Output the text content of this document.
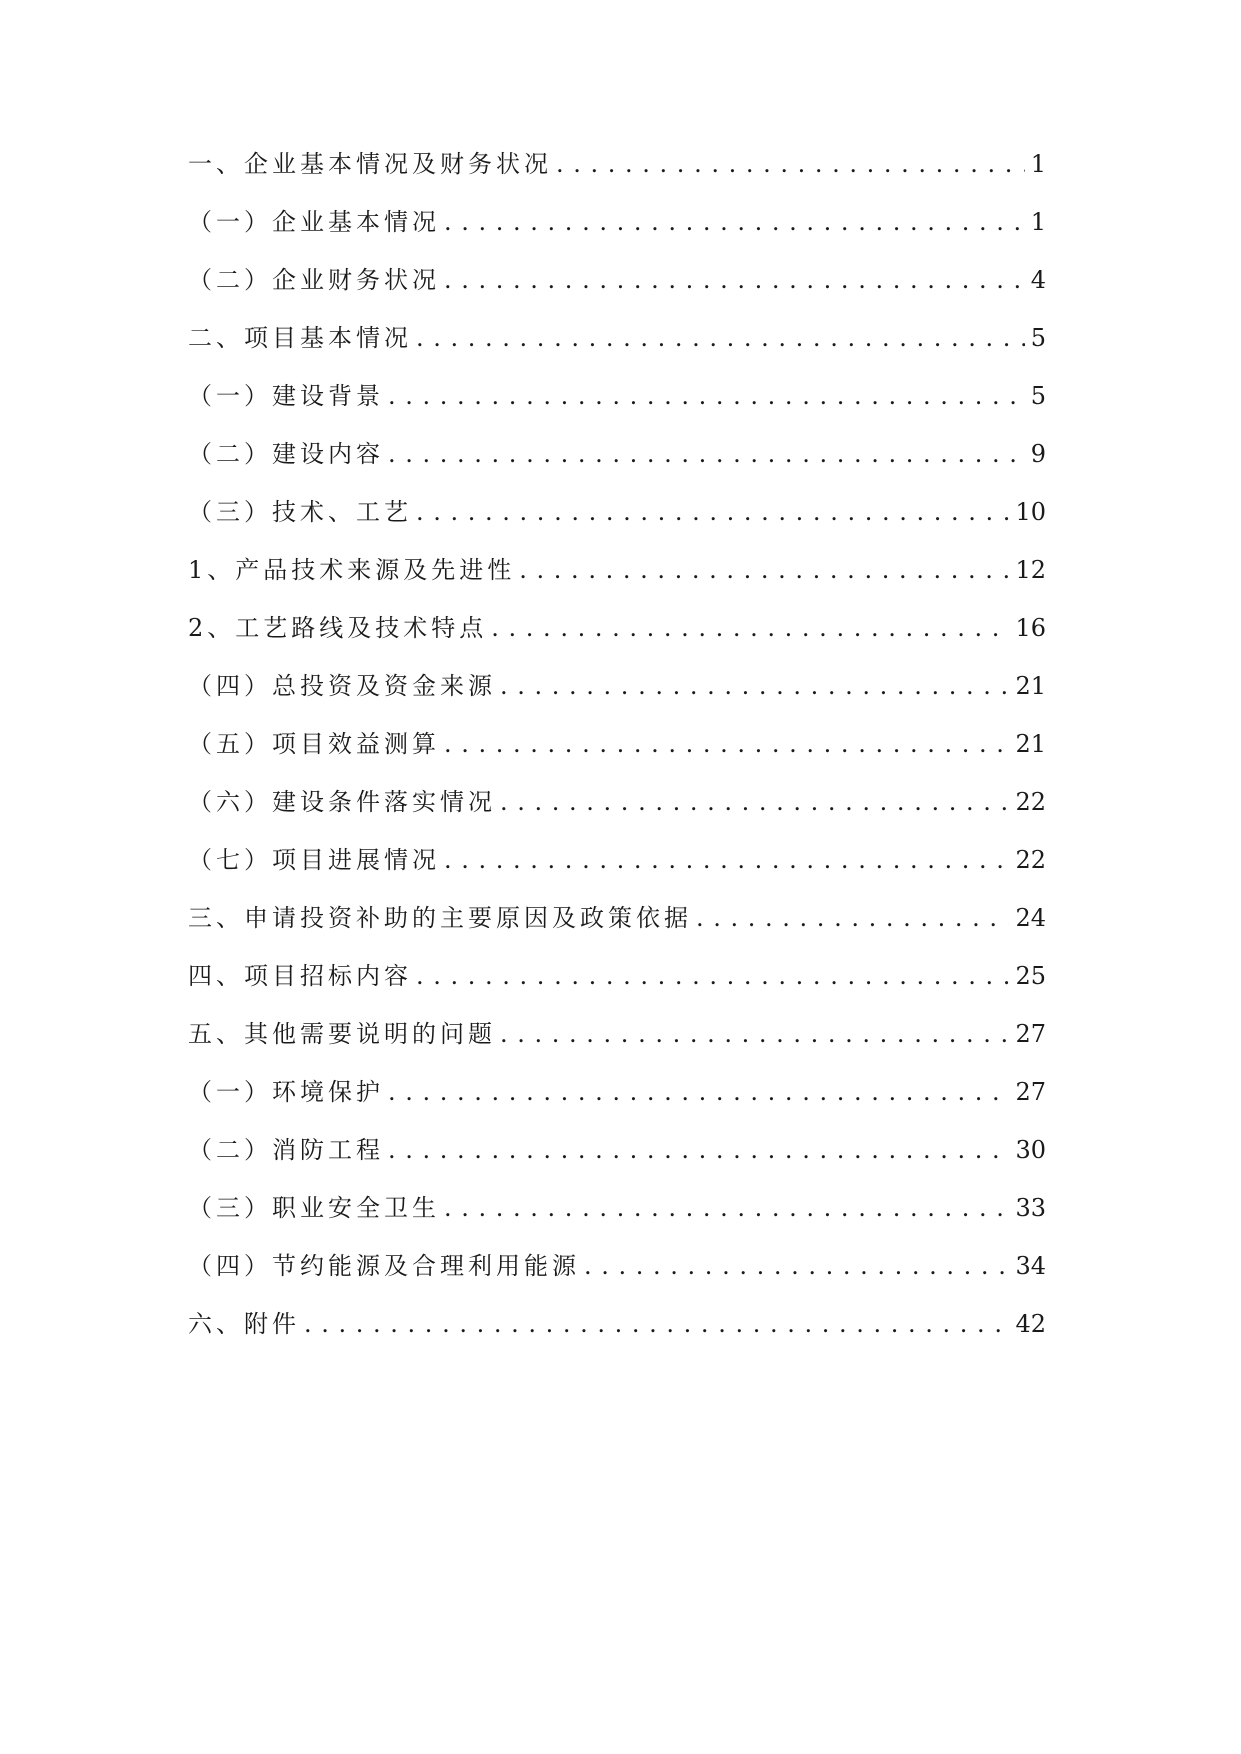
一、企业基本情况及财务状况 . . .	1
（一）企业基本情况 . . .	1
（二）企业财务状况 . . .	4
二、项目基本情况 . . .	5
（一）建设背景 . . .	5
（二）建设内容 . . .	9
（三）技术、工艺 . . .	10
1、产品技术来源及先进性 . . .	12
2、工艺路线及技术特点 . . .	16
（四）总投资及资金来源 . . .	21
（五）项目效益测算 . . .	21
（六）建设条件落实情况 . . .	22
（七）项目进展情况 . . .	22
三、申请投资补助的主要原因及政策依据 . . .	24
四、项目招标内容 . . .	25
五、其他需要说明的问题 . . .	27
（一）环境保护 . . .	27
（二）消防工程 . . .	30
（三）职业安全卫生 . . .	33
（四）节约能源及合理利用能源 . . .	34
六、附件 . . .	42
